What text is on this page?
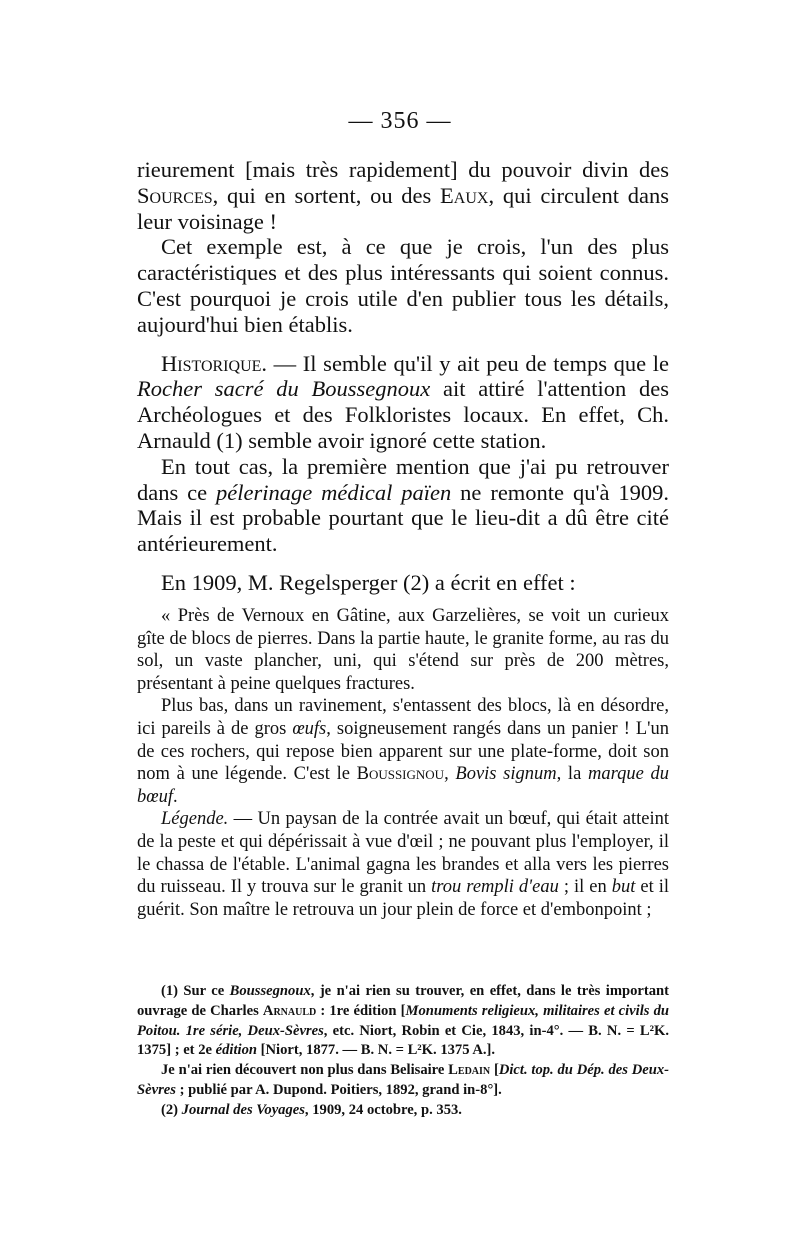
— 356 —

rieurement [mais très rapidement] du pouvoir divin des Sources, qui en sortent, ou des Eaux, qui circulent dans leur voisinage !

Cet exemple est, à ce que je crois, l'un des plus caractéristiques et des plus intéressants qui soient connus. C'est pourquoi je crois utile d'en publier tous les détails, aujourd'hui bien établis.

Historique. — Il semble qu'il y ait peu de temps que le Rocher sacré du Boussegnoux ait attiré l'attention des Archéologues et des Folkloristes locaux. En effet, Ch. Arnauld (1) semble avoir ignoré cette station.

En tout cas, la première mention que j'ai pu retrouver dans ce pélerinage médical païen ne remonte qu'à 1909. Mais il est probable pourtant que le lieu-dit a dû être cité antérieurement.

En 1909, M. Regelsperger (2) a écrit en effet :

« Près de Vernoux en Gâtine, aux Garzelières, se voit un curieux gîte de blocs de pierres. Dans la partie haute, le granite forme, au ras du sol, un vaste plancher, uni, qui s'étend sur près de 200 mètres, présentant à peine quelques fractures.

Plus bas, dans un ravinement, s'entassent des blocs, là en désordre, ici pareils à de gros œufs, soigneusement rangés dans un panier ! L'un de ces rochers, qui repose bien apparent sur une plate-forme, doit son nom à une légende. C'est le Boussignou, Bovis signum, la marque du bœuf.

Légende. — Un paysan de la contrée avait un bœuf, qui était atteint de la peste et qui dépérissait à vue d'œil ; ne pouvant plus l'employer, il le chassa de l'étable. L'animal gagna les brandes et alla vers les pierres du ruisseau. Il y trouva sur le granit un trou rempli d'eau ; il en but et il guérit. Son maître le retrouva un jour plein de force et d'embonpoint ;

(1) Sur ce Boussegnoux, je n'ai rien su trouver, en effet, dans le très important ouvrage de Charles Arnauld : 1re édition [Monuments religieux, militaires et civils du Poitou. 1re série, Deux-Sèvres, etc. Niort, Robin et Cie, 1843, in-4°. — B. N. = L²K. 1375] ; et 2e édition [Niort, 1877. — B. N. = L²K. 1375 A.].

Je n'ai rien découvert non plus dans Belisaire Ledain [Dict. top. du Dép. des Deux-Sèvres ; publié par A. Dupond. Poitiers, 1892, grand in-8°].

(2) Journal des Voyages, 1909, 24 octobre, p. 353.
